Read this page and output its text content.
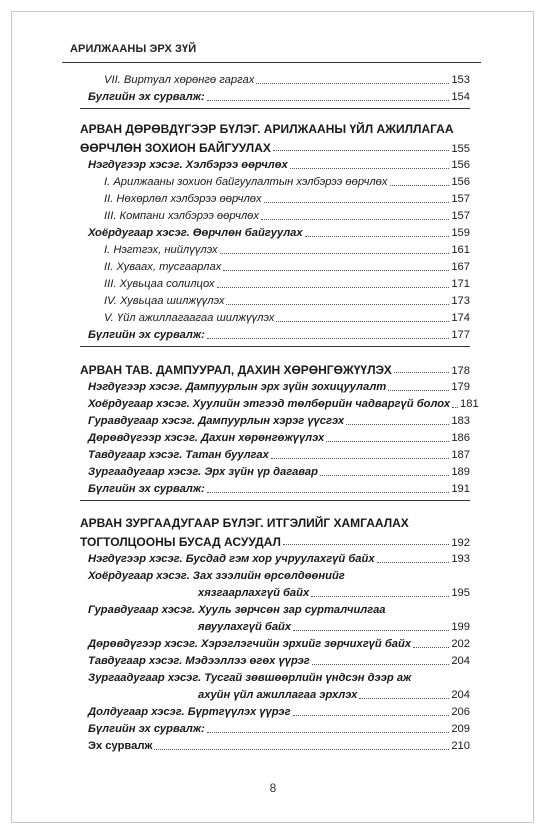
АРИЛЖААНЫ ЭРХ ЗҮЙ
VII. Виртуал хөрөнгө гаргах	153
Булгийн эх сурвалж:	154
АРВАН ДӨРӨВДҮГЭЭР БҮЛЭГ. АРИЛЖААНЫ ҮЙЛ АЖИЛЛАГАА
ӨӨРЧЛӨН ЗОХИОН БАЙГУУЛАХ	155
Нэгдүгээр хэсэг. Хэлбэрээ өөрчлөх	156
I. Арилжааны зохион байгуулалтын хэлбэрээ өөрчлөх	156
II. Нөхөрлөл хэлбэрээ өөрчлөх	157
III. Компани хэлбэрээ өөрчлөх	157
Хоёрдугаар хэсэг. Өөрчлөн байгуулах	159
I. Нэгтгэх, нийлүүлэх	161
II. Хуваах, тусгаарлах	167
III. Хувьцаа солилцох	171
IV. Хувьцаа шилжүүлэх	173
V. Үйл ажиллагаагаа шилжүүлэх	174
Бүлгийн эх сурвалж:	177
АРВАН ТАВ. ДАМПУУРАЛ, ДАХИН ХӨРӨНГӨЖҮҮЛЭХ	178
Нэгдүгээр хэсэг. Дампуурлын эрх зүйн зохицуулалт	179
Хоёрдугаар хэсэг. Хуулийн этгээд төлбөрийн чадваргүй болох 181
Гуравдугаар хэсэг. Дампуурлын хэрэг үүсгэх	183
Дөрөвдүгээр хэсэг. Дахин хөрөнгөжүүлэх	186
Тавдугаар хэсэг. Татан буулгах	187
Зургаадугаар хэсэг. Эрх зүйн үр дагавар	189
Бүлгийн эх сурвалж:	191
АРВАН ЗУРГААДУГААР БҮЛЭГ. ИТГЭЛИЙГ ХАМГААЛАХ
ТОГТОЛЦООНЫ БУСАД АСУУДАЛ	192
Нэгдүгээр хэсэг. Бусдад гэм хор учруулахгүй байх	193
Хоёрдугаар хэсэг. Зах зээлийн өрсөлдөөнийг
хязгаарлахгүй байх	195
Гуравдугаар хэсэг. Хууль зөрчсөн зар сурталчилгаа
явуулахгүй байх	199
Дөрөвдүгээр хэсэг. Хэрэглэгчийн эрхийг зөрчихгүй байх	202
Тавдугаар хэсэг. Мэдээллээ өгөх үүрэг	204
Зургаадугаар хэсэг. Тусгай зөвшөөрлийн үндсэн дээр аж
ахуйн үйл ажиллагаа эрхлэх	204
Долдугаар хэсэг. Бүртгүүлэх үүрэг	206
Бүлгийн эх сурвалж:	209
Эх сурвалж	210
8
